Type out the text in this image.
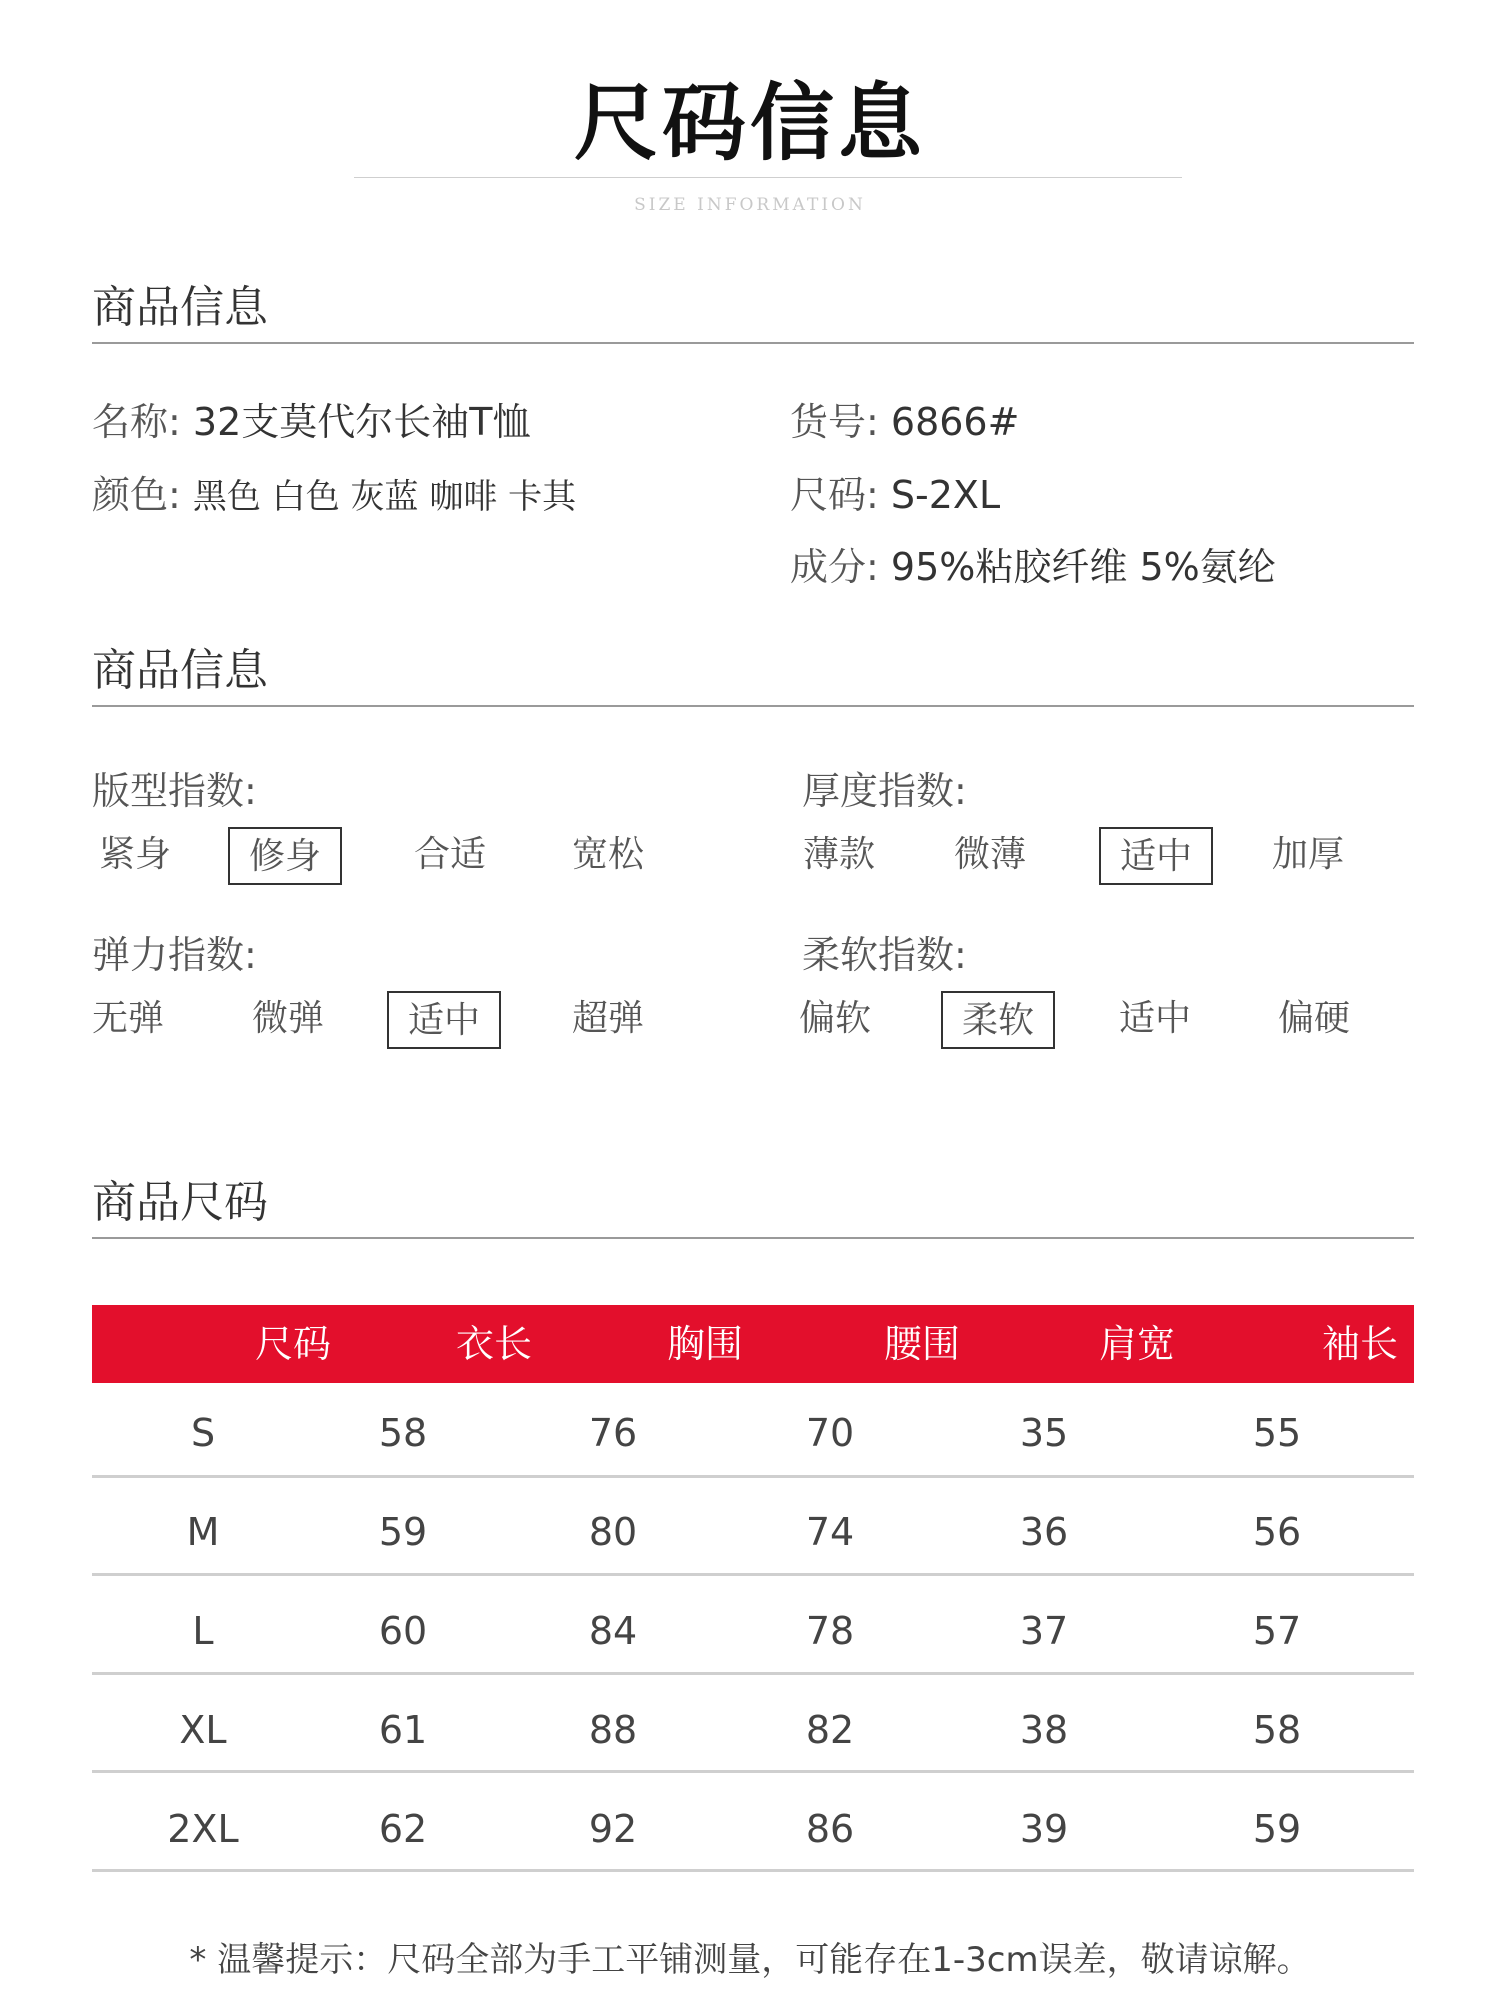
尺码信息
SIZE INFORMATION
商品信息
名称: 32支莫代尔长袖T恤
颜色: 黑色 白色 灰蓝 咖啡 卡其
货号: 6866#
尺码: S-2XL
成分: 95%粘胶纤维 5%氨纶
商品信息
版型指数:
紧身	修身	合适	宽松
厚度指数:
薄款	微薄	适中	加厚
弹力指数:
无弹	微弹	适中	超弹
柔软指数:
偏软	柔软	适中	偏硬
商品尺码
尺码	衣长	胸围	腰围	肩宽	袖长
S	58	76	70	35	55
M	59	80	74	36	56
L	60	84	78	37	57
XL	61	88	82	38	58
2XL	62	92	86	39	59
* 温馨提示：尺码全部为手工平铺测量，可能存在1-3cm误差，敬请谅解。
